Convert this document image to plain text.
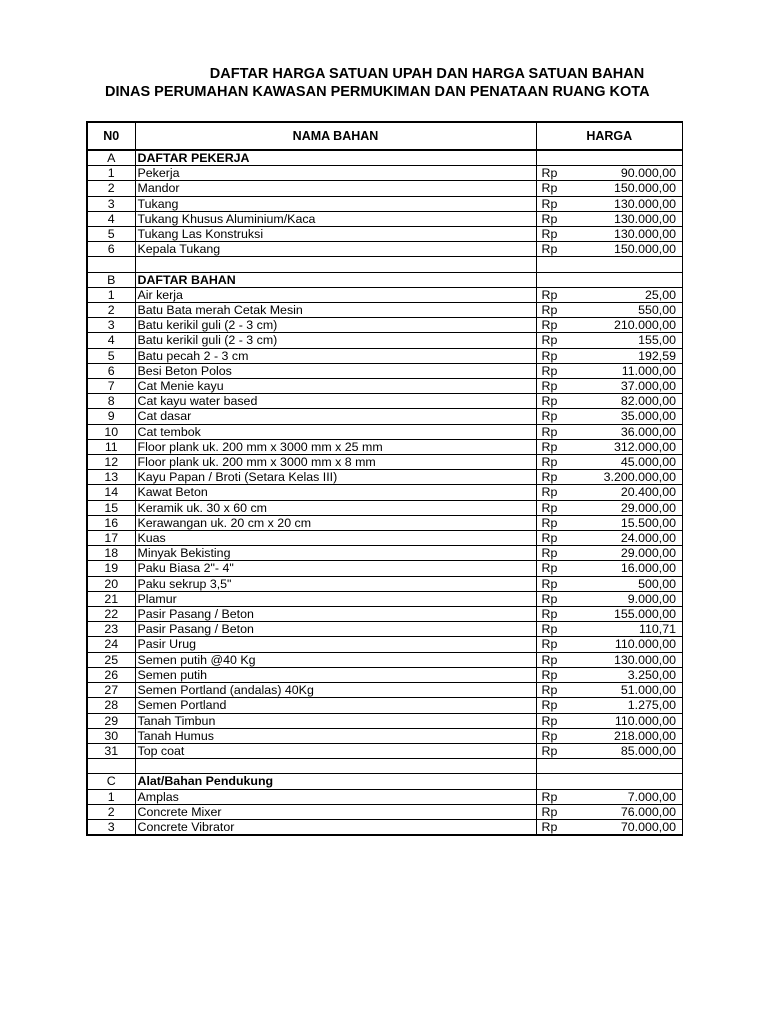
DAFTAR HARGA SATUAN UPAH DAN HARGA SATUAN BAHAN
DINAS PERUMAHAN KAWASAN PERMUKIMAN DAN PENATAAN RUANG KOTA
N0	NAMA BAHAN	HARGA	
A	DAFTAR PEKERJA		
1	Pekerja	Rp	90.000,00
2	Mandor	Rp	150.000,00
3	Tukang	Rp	130.000,00
4	Tukang Khusus Aluminium/Kaca	Rp	130.000,00
5	Tukang Las Konstruksi	Rp	130.000,00
6	Kepala Tukang	Rp	150.000,00

B	DAFTAR BAHAN		
1	Air kerja	Rp	25,00
2	Batu Bata merah Cetak Mesin	Rp	550,00
3	Batu kerikil guli (2 - 3 cm)	Rp	210.000,00
4	Batu kerikil guli (2 - 3 cm)	Rp	155,00
5	Batu pecah 2 - 3 cm	Rp	192,59
6	Besi Beton Polos	Rp	11.000,00
7	Cat Menie kayu	Rp	37.000,00
8	Cat kayu water based	Rp	82.000,00
9	Cat dasar	Rp	35.000,00
10	Cat tembok	Rp	36.000,00
11	Floor plank uk. 200 mm x 3000 mm x 25 mm	Rp	312.000,00
12	Floor plank uk. 200 mm x 3000 mm x 8 mm	Rp	45.000,00
13	Kayu Papan / Broti (Setara Kelas III)	Rp	3.200.000,00
14	Kawat Beton	Rp	20.400,00
15	Keramik uk. 30 x 60 cm	Rp	29.000,00
16	Kerawangan uk. 20 cm x 20 cm	Rp	15.500,00
17	Kuas	Rp	24.000,00
18	Minyak Bekisting	Rp	29.000,00
19	Paku Biasa 2"- 4"	Rp	16.000,00
20	Paku sekrup 3,5"	Rp	500,00
21	Plamur	Rp	9.000,00
22	Pasir Pasang / Beton	Rp	155.000,00
23	Pasir Pasang / Beton	Rp	110,71
24	Pasir Urug	Rp	110.000,00
25	Semen putih @40 Kg	Rp	130.000,00
26	Semen putih	Rp	3.250,00
27	Semen Portland (andalas) 40Kg	Rp	51.000,00
28	Semen Portland	Rp	1.275,00
29	Tanah Timbun	Rp	110.000,00
30	Tanah Humus	Rp	218.000,00
31	Top coat	Rp	85.000,00

C	Alat/Bahan Pendukung		
1	Amplas	Rp	7.000,00
2	Concrete Mixer	Rp	76.000,00
3	Concrete Vibrator	Rp	70.000,00
